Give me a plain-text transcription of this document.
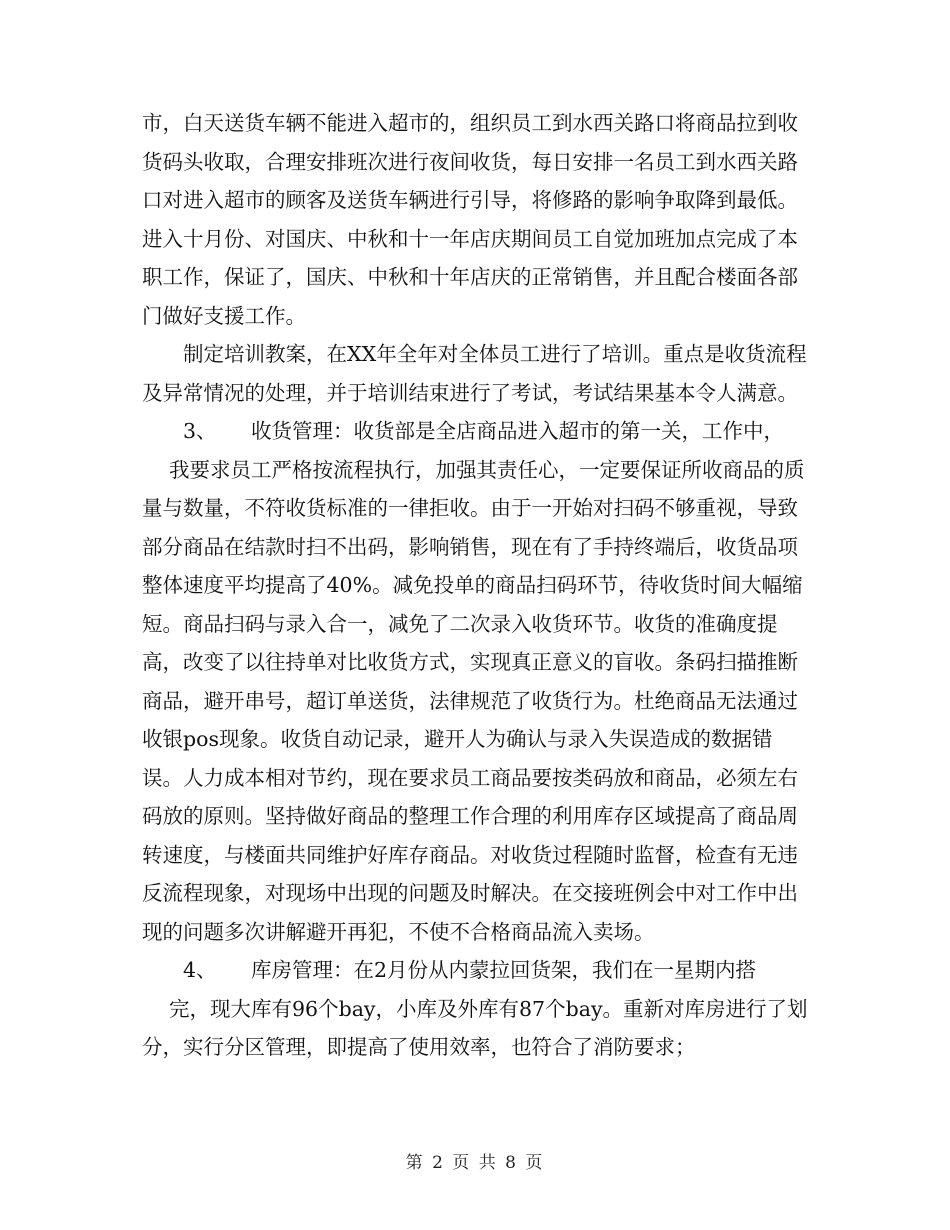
市，白天送货车辆不能进入超市的，组织员工到水西关路口将商品拉到收货码头收取，合理安排班次进行夜间收货，每日安排一名员工到水西关路口对进入超市的顾客及送货车辆进行引导，将修路的影响争取降到最低。进入十月份、对国庆、中秋和十一年店庆期间员工自觉加班加点完成了本职工作，保证了，国庆、中秋和十年店庆的正常销售，并且配合楼面各部门做好支援工作。

制定培训教案，在XX年全年对全体员工进行了培训。重点是收货流程及异常情况的处理，并于培训结束进行了考试，考试结果基本令人满意。

3、 收货管理：收货部是全店商品进入超市的第一关，工作中，

我要求员工严格按流程执行，加强其责任心，一定要保证所收商品的质量与数量，不符收货标准的一律拒收。由于一开始对扫码不够重视，导致部分商品在结款时扫不出码，影响销售，现在有了手持终端后，收货品项整体速度平均提高了40%。减免投单的商品扫码环节，待收货时间大幅缩短。商品扫码与录入合一，减免了二次录入收货环节。收货的准确度提高，改变了以往持单对比收货方式，实现真正意义的盲收。条码扫描推断商品，避开串号，超订单送货，法律规范了收货行为。杜绝商品无法通过收银pos现象。收货自动记录，避开人为确认与录入失误造成的数据错误。人力成本相对节约，现在要求员工商品要按类码放和商品，必须左右码放的原则。坚持做好商品的整理工作合理的利用库存区域提高了商品周转速度，与楼面共同维护好库存商品。对收货过程随时监督，检查有无违反流程现象，对现场中出现的问题及时解决。在交接班例会中对工作中出现的问题多次讲解避开再犯，不使不合格商品流入卖场。

4、 库房管理：在2月份从内蒙拉回货架，我们在一星期内搭

完，现大库有96个bay，小库及外库有87个bay。重新对库房进行了划分，实行分区管理，即提高了使用效率，也符合了消防要求；

第 2 页 共 8 页
